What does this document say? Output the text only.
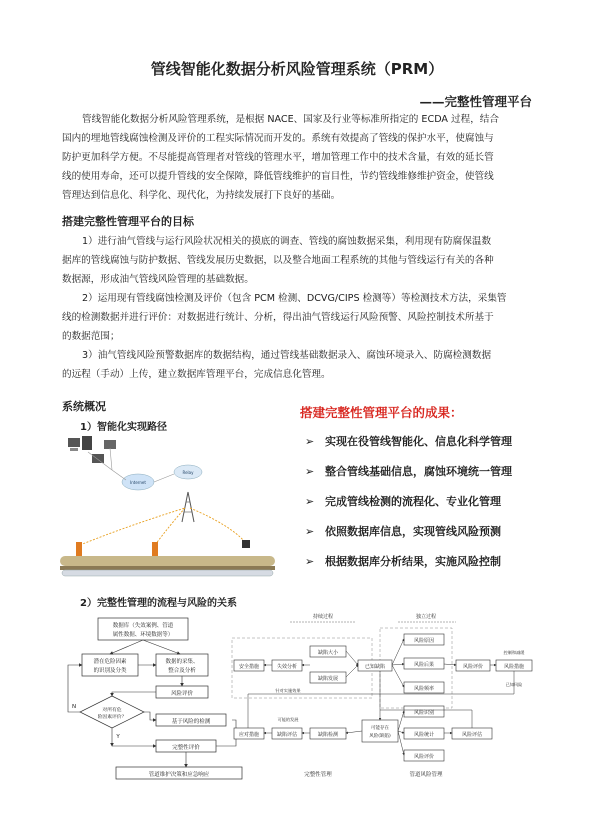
管线智能化数据分析风险管理系统（PRM）
——完整性管理平台
管线智能化数据分析风险管理系统，是根据 NACE、国家及行业等标准所指定的 ECDA 过程，结合
国内的埋地管线腐蚀检测及评价的工程实际情况而开发的。系统有效提高了管线的保护水平，使腐蚀与
防护更加科学方便。不尽能提高管理者对管线的管理水平，增加管理工作中的技术含量，有效的延长管
线的使用寿命，还可以提升管线的安全保障，降低管线维护的盲目性，节约管线维修维护资金，使管线
管理达到信息化、科学化、现代化，为持续发展打下良好的基础。
搭建完整性管理平台的目标
1）进行油气管线与运行风险状况相关的摸底的调查、管线的腐蚀数据采集，利用现有防腐保温数
据库的管线腐蚀与防护数据、管线发展历史数据，以及整合地面工程系统的其他与管线运行有关的各种
数据源，形成油气管线风险管理的基础数据。
2）运用现有管线腐蚀检测及评价（包含 PCM 检测、DCVG/CIPS 检测等）等检测技术方法，采集管
线的检测数据并进行评价：对数据进行统计、分析，得出油气管线运行风险预警、风险控制技术所基于
的数据范围；
3）油气管线风险预警数据库的数据结构，通过管线基础数据录入、腐蚀环境录入、防腐检测数据
的远程（手动）上传，建立数据库管理平台，完成信息化管理。
系统概况
1）智能化实现路径
Internet
Relay
搭建完整性管理平台的成果：
➢ 实现在役管线智能化、信息化科学管理
➢ 整合管线基础信息，腐蚀环境统一管理
➢ 完成管线检测的流程化、专业化管理
➢ 依照数据库信息，实现管线风险预测
➢ 根据数据库分析结果，实施风险控制
2）完整性管理的流程与风险的关系
数据库（失效案例、管道
属性数据、环境数据等）
潜在危险因素
的识别及分类
数据的采集、
整合及分析
风险评价
对所有危
险因素评价？
基于风险的检测
完整性评价
管道维护决策和应急响应
N
Y
持续过程	独立过程
风险原因
风险后果
风险频率
缺陷大小
缺陷发展
安全措施	失效分析	已知缺陷	风险评价	风险措施
控制和减缓
已知风险
针对实施效果
可能的发展
可能存在
风险(缺陷)
风险识别
风险统计	风险评估
应对措施	缺陷评估	缺陷检测
风险评价
完整性管理	管道风险管理
